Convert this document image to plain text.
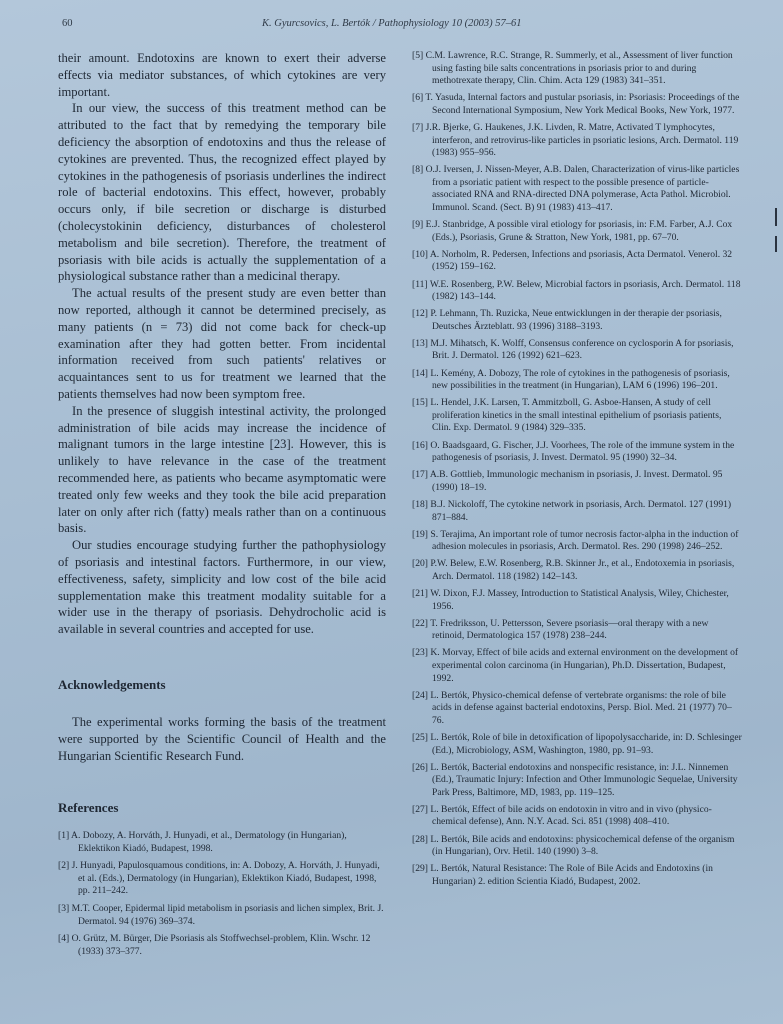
60	K. Gyurcsovics, L. Bertók / Pathophysiology 10 (2003) 57–61

their amount. Endotoxins are known to exert their adverse effects via mediator substances, of which cytokines are very important.

In our view, the success of this treatment method can be attributed to the fact that by remedying the temporary bile deficiency the absorption of endotoxins and thus the release of cytokines are prevented. Thus, the recognized effect played by cytokines in the pathogenesis of psoriasis underlines the indirect role of bacterial endotoxins. This effect, however, probably occurs only, if bile secretion or discharge is disturbed (cholecystokinin deficiency, disturbances of cholesterol metabolism and bile secretion). Therefore, the treatment of psoriasis with bile acids is actually the supplementation of a physiological substance rather than a medicinal therapy.

The actual results of the present study are even better than now reported, although it cannot be determined precisely, as many patients (n = 73) did not come back for check-up examination after they had gotten better. From incidental information received from such patients' relatives or acquaintances sent to us for treatment we learned that the patients themselves had now been symptom free.

In the presence of sluggish intestinal activity, the prolonged administration of bile acids may increase the incidence of malignant tumors in the large intestine [23]. However, this is unlikely to have relevance in the case of the treatment recommended here, as patients who became asymptomatic were treated only few weeks and they took the bile acid preparation later on only after rich (fatty) meals rather than on a continuous basis.

Our studies encourage studying further the pathophysiology of psoriasis and intestinal factors. Furthermore, in our view, effectiveness, safety, simplicity and low cost of the bile acid supplementation make this treatment modality suitable for a wider use in the therapy of psoriasis. Dehydrocholic acid is available in several countries and accepted for use.

Acknowledgements

The experimental works forming the basis of the treatment were supported by the Scientific Council of Health and the Hungarian Scientific Research Fund.

References
[1] A. Dobozy, A. Horváth, J. Hunyadi, et al., Dermatology (in Hungarian), Eklektikon Kiadó, Budapest, 1998.
[2] J. Hunyadi, Papulosquamous conditions, in: A. Dobozy, A. Horváth, J. Hunyadi, et al. (Eds.), Dermatology (in Hungarian), Eklektikon Kiadó, Budapest, 1998, pp. 211–242.
[3] M.T. Cooper, Epidermal lipid metabolism in psoriasis and lichen simplex, Brit. J. Dermatol. 94 (1976) 369–374.
[4] O. Grütz, M. Bürger, Die Psoriasis als Stoffwechsel-problem, Klin. Wschr. 12 (1933) 373–377.
[5] C.M. Lawrence, R.C. Strange, R. Summerly, et al., Assessment of liver function using fasting bile salts concentrations in psoriasis prior to and during methotrexate therapy, Clin. Chim. Acta 129 (1983) 341–351.
[6] T. Yasuda, Internal factors and pustular psoriasis, in: Psoriasis: Proceedings of the Second International Symposium, New York Medical Books, New York, 1977.
[7] J.R. Bjerke, G. Haukenes, J.K. Livden, R. Matre, Activated T lymphocytes, interferon, and retrovirus-like particles in psoriatic lesions, Arch. Dermatol. 119 (1983) 955–956.
[8] O.J. Iversen, J. Nissen-Meyer, A.B. Dalen, Characterization of virus-like particles from a psoriatic patient with respect to the possible presence of particle-associated RNA and RNA-directed DNA polymerase, Acta Pathol. Microbiol. Immunol. Scand. (Sect. B) 91 (1983) 413–417.
[9] E.J. Stanbridge, A possible viral etiology for psoriasis, in: F.M. Farber, A.J. Cox (Eds.), Psoriasis, Grune & Stratton, New York, 1981, pp. 67–70.
[10] A. Norholm, R. Pedersen, Infections and psoriasis, Acta Dermatol. Venerol. 32 (1952) 159–162.
[11] W.E. Rosenberg, P.W. Belew, Microbial factors in psoriasis, Arch. Dermatol. 118 (1982) 143–144.
[12] P. Lehmann, Th. Ruzicka, Neue entwicklungen in der therapie der psoriasis, Deutsches Ärzteblatt. 93 (1996) 3188–3193.
[13] M.J. Mihatsch, K. Wolff, Consensus conference on cyclosporin A for psoriasis, Brit. J. Dermatol. 126 (1992) 621–623.
[14] L. Kemény, A. Dobozy, The role of cytokines in the pathogenesis of psoriasis, new possibilities in the treatment (in Hungarian), LAM 6 (1996) 196–201.
[15] L. Hendel, J.K. Larsen, T. Ammitzboll, G. Asboe-Hansen, A study of cell proliferation kinetics in the small intestinal epithelium of psoriasis patients, Clin. Exp. Dermatol. 9 (1984) 329–335.
[16] O. Baadsgaard, G. Fischer, J.J. Voorhees, The role of the immune system in the pathogenesis of psoriasis, J. Invest. Dermatol. 95 (1990) 32–34.
[17] A.B. Gottlieb, Immunologic mechanism in psoriasis, J. Invest. Dermatol. 95 (1990) 18–19.
[18] B.J. Nickoloff, The cytokine network in psoriasis, Arch. Dermatol. 127 (1991) 871–884.
[19] S. Terajima, An important role of tumor necrosis factor-alpha in the induction of adhesion molecules in psoriasis, Arch. Dermatol. Res. 290 (1998) 246–252.
[20] P.W. Belew, E.W. Rosenberg, R.B. Skinner Jr., et al., Endotoxemia in psoriasis, Arch. Dermatol. 118 (1982) 142–143.
[21] W. Dixon, F.J. Massey, Introduction to Statistical Analysis, Wiley, Chichester, 1956.
[22] T. Fredriksson, U. Pettersson, Severe psoriasis—oral therapy with a new retinoid, Dermatologica 157 (1978) 238–244.
[23] K. Morvay, Effect of bile acids and external environment on the development of experimental colon carcinoma (in Hungarian), Ph.D. Dissertation, Budapest, 1992.
[24] L. Bertók, Physico-chemical defense of vertebrate organisms: the role of bile acids in defense against bacterial endotoxins, Persp. Biol. Med. 21 (1977) 70–76.
[25] L. Bertók, Role of bile in detoxification of lipopolysaccharide, in: D. Schlesinger (Ed.), Microbiology, ASM, Washington, 1980, pp. 91–93.
[26] L. Bertók, Bacterial endotoxins and nonspecific resistance, in: J.L. Ninnemen (Ed.), Traumatic Injury: Infection and Other Immunologic Sequelae, University Park Press, Baltimore, MD, 1983, pp. 119–125.
[27] L. Bertók, Effect of bile acids on endotoxin in vitro and in vivo (physico-chemical defense), Ann. N.Y. Acad. Sci. 851 (1998) 408–410.
[28] L. Bertók, Bile acids and endotoxins: physicochemical defense of the organism (in Hungarian), Orv. Hetil. 140 (1990) 3–8.
[29] L. Bertók, Natural Resistance: The Role of Bile Acids and Endotoxins (in Hungarian) 2. edition Scientia Kiadó, Budapest, 2002.
